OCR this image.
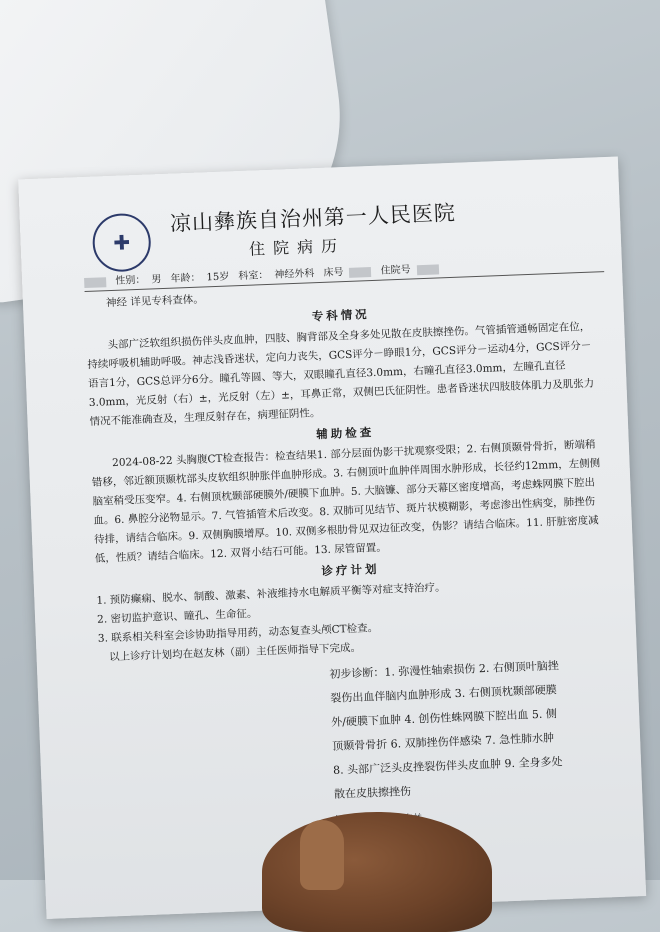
✚
凉山彝族自治州第一人民医院
住院病历
性别： 男 年龄： 15岁 科室： 神经外科 床号	住院号

神经 详见专科查体。

专科情况

头部广泛软组织损伤伴头皮血肿，四肢、胸背部及全身多处见散在皮肤擦挫伤。气管插管通畅固定在位，持续呼吸机辅助呼吸。神志浅昏迷状，定向力丧失，GCS评分－睁眼1分，GCS评分－运动4分，GCS评分－语言1分，GCS总评分6分。瞳孔等圆、等大，双眼瞳孔直径3.0mm，右瞳孔直径3.0mm，左瞳孔直径3.0mm，光反射（右）±，光反射（左）±，耳鼻正常，双侧巴氏征阴性。患者昏迷状四肢肢体肌力及肌张力情况不能准确查及，生理反射存在，病理征阴性。

辅助检查

2024-08-22 头胸腹CT检查报告：检查结果1. 部分层面伪影干扰观察受限；2. 右侧顶颞骨骨折，断端稍错移，邻近额顶颞枕部头皮软组织肿胀伴血肿形成。3. 右侧顶叶血肿伴周围水肿形成，长径约12mm，左侧侧脑室稍受压变窄。4. 右侧顶枕颞部硬膜外/硬膜下血肿。5. 大脑镰、部分天幕区密度增高，考虑蛛网膜下腔出血。6. 鼻腔分泌物显示。7. 气管插管术后改变。8. 双肺可见结节、斑片状模糊影，考虑渗出性病变，肺挫伤待排，请结合临床。9. 双侧胸膜增厚。10. 双侧多根肋骨见双边征改变，伪影？请结合临床。11. 肝脏密度减低，性质？请结合临床。12. 双肾小结石可能。13. 尿管留置。

诊疗计划

1. 预防癫痫、脱水、制酸、激素、补液维持水电解质平衡等对症支持治疗。

2. 密切监护意识、瞳孔、生命征。

3. 联系相关科室会诊协助指导用药，动态复查头颅CT检查。

以上诊疗计划均在赵友林（副）主任医师指导下完成。

初步诊断：1. 弥漫性轴索损伤 2. 右侧顶叶脑挫裂伤出血伴脑内血肿形成 3. 右侧顶枕颞部硬膜外/硬膜下血肿 4. 创伤性蛛网膜下腔出血 5. 侧顶颞骨骨折 6. 双肺挫伤伴感染 7. 急性肺水肿 8. 头部广泛头皮挫裂伤伴头皮血肿 9. 全身多处散在皮肤擦挫伤
